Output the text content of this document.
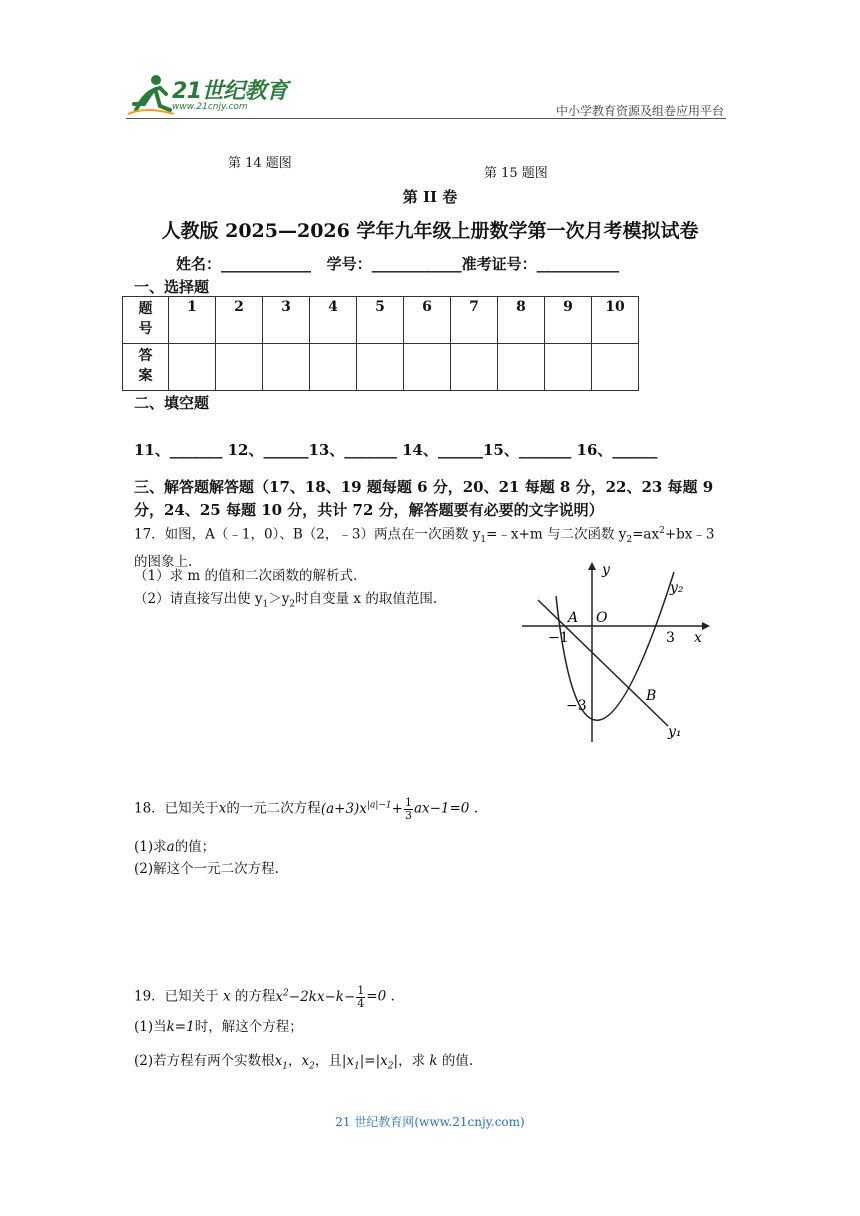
21世纪教育
www.21cnjy.com	中小学教育资源及组卷应用平台
第 14 题图
第 15 题图
第 II 卷
人教版 2025—2026 学年九年级上册数学第一次月考模拟试卷
姓名：____________   学号：____________准考证号：___________
一、选择题
题
号	1	2	3	4	5	6	7	8	9	10

答
案										

二、填空题
11、_______ 12、______13、_______ 14、______15、_______ 16、______
三、解答题解答题（17、18、19 题每题 6 分，20、21 每题 8 分，22、23 每题 9 分，24、25 每题 10 分，共计 72 分，解答题要有必要的文字说明）
17．如图，A（﹣1，0）、B（2，﹣3）两点在一次函数 $y_1=﹣x+m$ 与二次函数 $y_2=ax^2+bx﹣3$
的图象上.
（1）求 m 的值和二次函数的解析式.
（2）请直接写出使 $y_1>y_2$时自变量 x 的取值范围.
y
x
O
A
B
−1	3
−3
y₂
y₁
18．已知关于x的一元二次方程$(a+3)x^{|a|-1}+ \frac{1}{3} ax-1=0$ .
(1)求a的值；
(2)解这个一元二次方程.
19．已知关于 x 的方程$x^2-2kx-k- \frac{1}{4} =0$ .
(1)当k=1时，解这个方程；
(2)若方程有两个实数根$x_1$，$x_2$，且$|x_1|=|x_2|$，求 k 的值.
21 世纪教育网(www.21cnjy.com)
